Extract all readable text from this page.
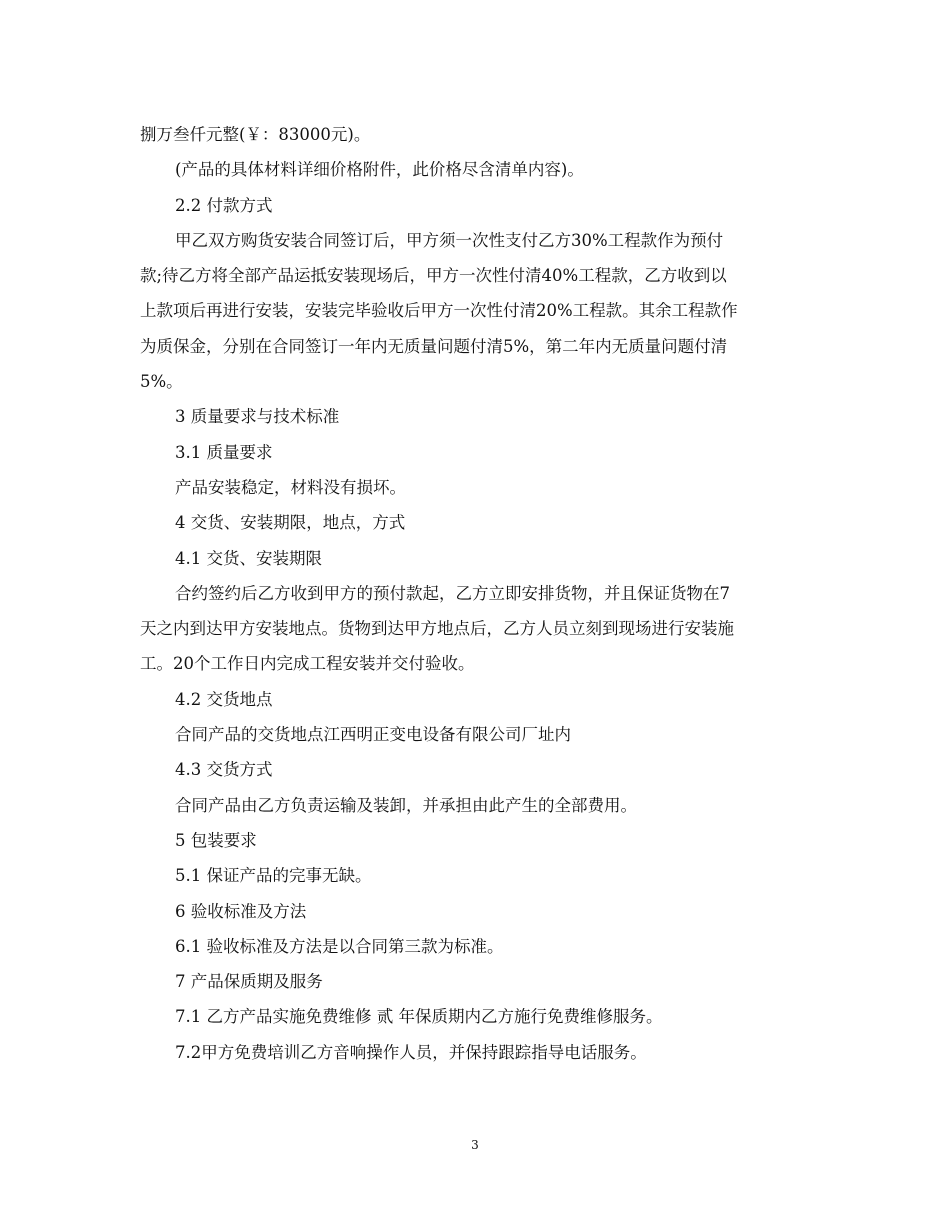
捌万叁仟元整(￥：83000元)。

(产品的具体材料详细价格附件，此价格尽含清单内容)。

2.2 付款方式

甲乙双方购货安装合同签订后，甲方须一次性支付乙方30%工程款作为预付

款;待乙方将全部产品运抵安装现场后，甲方一次性付清40%工程款，乙方收到以

上款项后再进行安装，安装完毕验收后甲方一次性付清20%工程款。其余工程款作

为质保金，分别在合同签订一年内无质量问题付清5%，第二年内无质量问题付清

5%。

3 质量要求与技术标准

3.1 质量要求

产品安装稳定，材料没有损坏。

4 交货、安装期限，地点，方式

4.1 交货、安装期限

合约签约后乙方收到甲方的预付款起，乙方立即安排货物，并且保证货物在7

天之内到达甲方安装地点。货物到达甲方地点后，乙方人员立刻到现场进行安装施

工。20个工作日内完成工程安装并交付验收。

4.2 交货地点

合同产品的交货地点江西明正变电设备有限公司厂址内

4.3 交货方式

合同产品由乙方负责运输及装卸，并承担由此产生的全部费用。

5 包装要求

5.1 保证产品的完事无缺。

6 验收标准及方法

6.1 验收标准及方法是以合同第三款为标准。

7 产品保质期及服务

7.1 乙方产品实施免费维修 贰 年保质期内乙方施行免费维修服务。

7.2甲方免费培训乙方音响操作人员，并保持跟踪指导电话服务。

3
